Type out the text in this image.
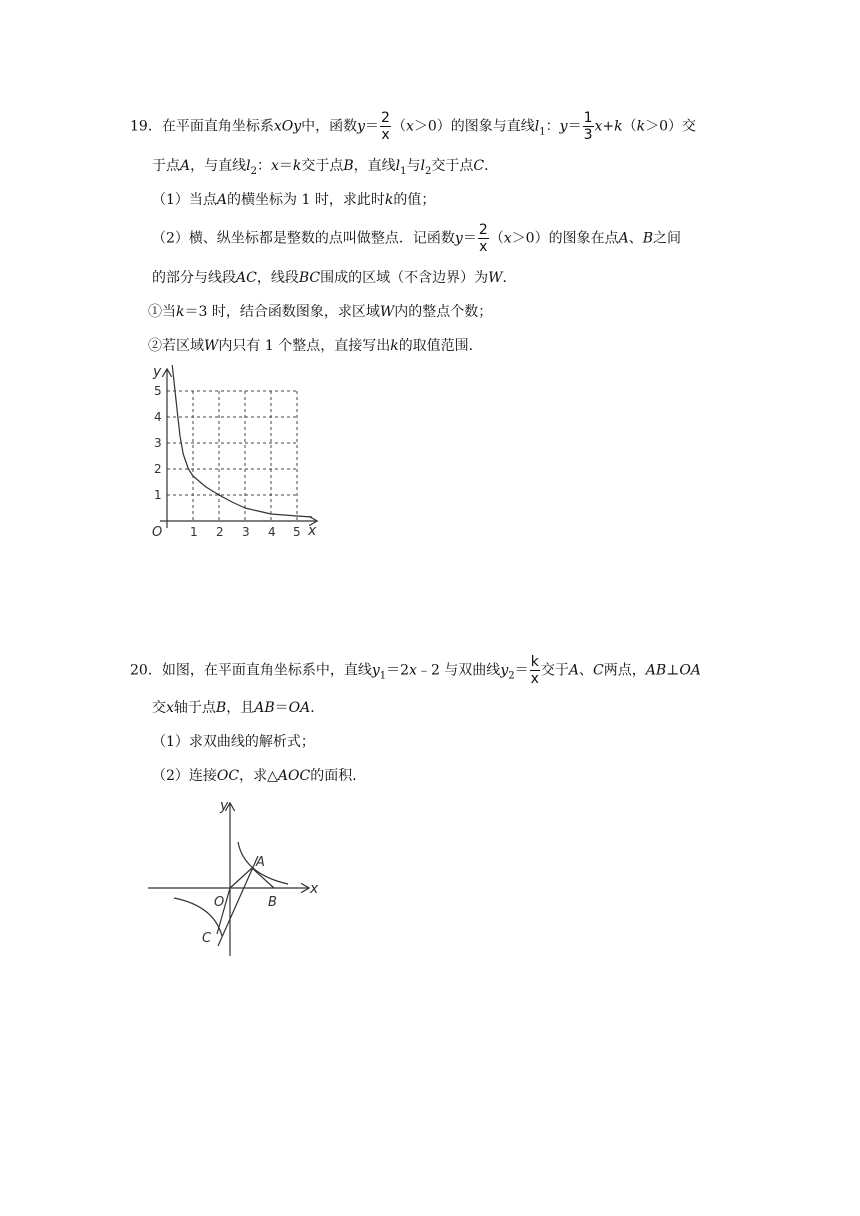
19．在平面直角坐标系xOy中，函数$y= \frac{2}{x} (x>0)$的图象与直线$l_1$：$y= \frac{1}{3} x+k(k>0)$交
于点A，与直线$l_2$：x＝k交于点B，直线$l_1$与$l_2$交于点C．
（1）当点A的横坐标为 1 时，求此时k的值；
（2）横、纵坐标都是整数的点叫做整点．记函数$y= \frac{2}{x} (x>0)$的图象在点A、B之间
的部分与线段AC，线段BC围成的区域（不含边界）为W．
①当k＝3 时，结合函数图象，求区域W内的整点个数；
②若区域W内只有 1 个整点，直接写出k的取值范围．
y
x
O 1 2 3 4 5
1
2
3
4
5
20．如图，在平面直角坐标系中，直线$y_1=2x﹣2$ 与双曲线$y_2= \frac{k}{x}$ 交于A、C两点，AB⊥OA
交x轴于点B，且AB＝OA．
（1）求双曲线的解析式；
（2）连接OC，求△AOC的面积．
y
x
O
A
B
C
